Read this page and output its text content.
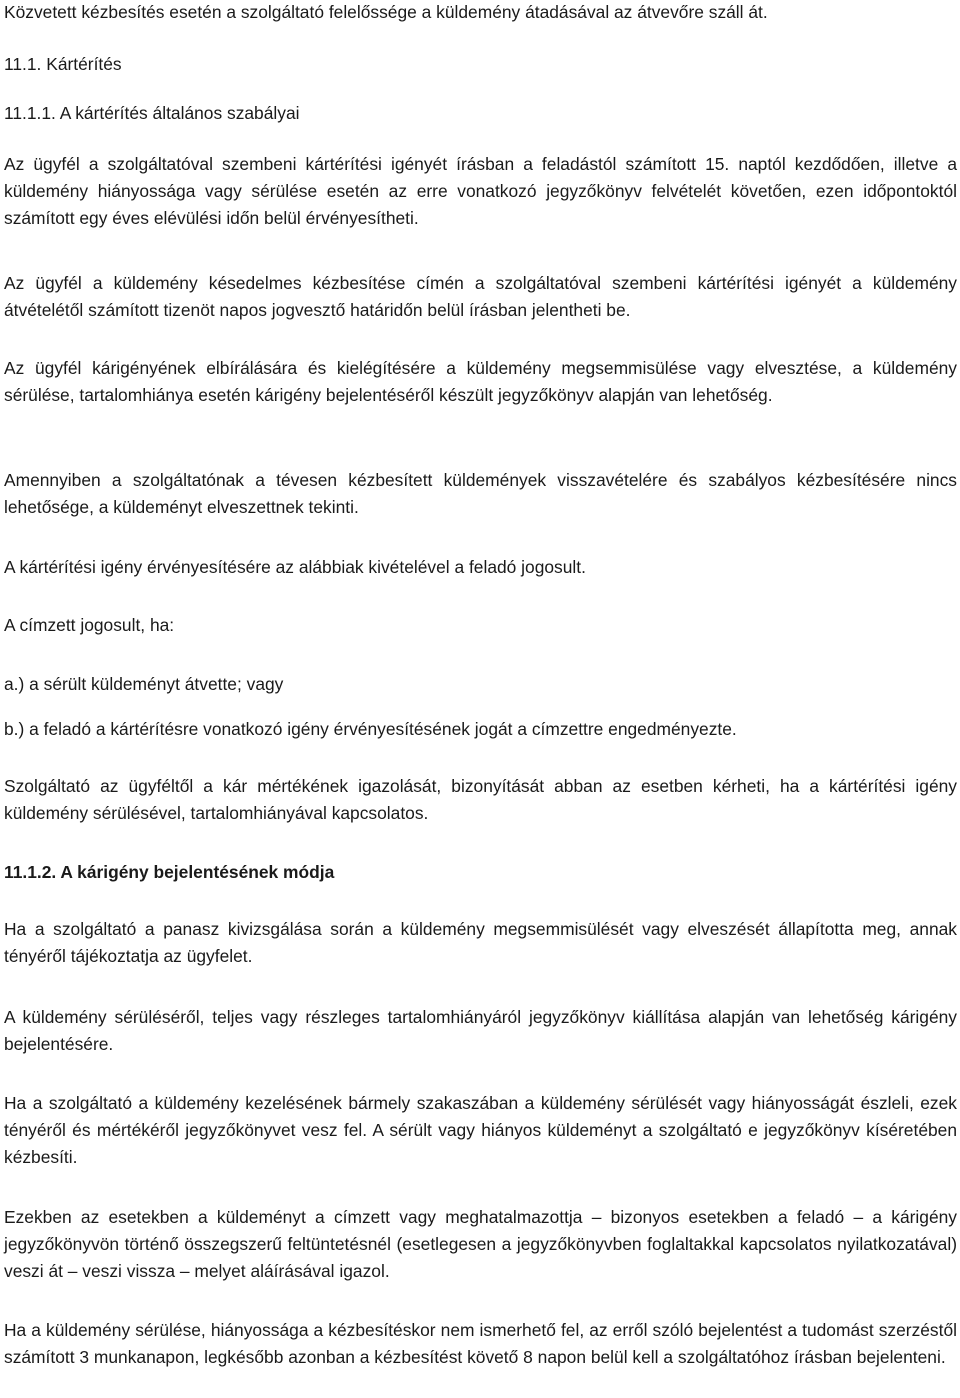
Közvetett kézbesítés esetén a szolgáltató felelőssége a küldemény átadásával az átvevőre száll át.

11.1. Kártérítés
11.1.1. A kártérítés általános szabályai

Az ügyfél a szolgáltatóval szembeni kártérítési igényét írásban a feladástól számított 15. naptól kezdődően, illetve a küldemény hiányossága vagy sérülése esetén az erre vonatkozó jegyzőkönyv felvételét követően, ezen időpontoktól számított egy éves elévülési időn belül érvényesítheti.

Az ügyfél a küldemény késedelmes kézbesítése címén a szolgáltatóval szembeni kártérítési igényét a küldemény átvételétől számított tizenöt napos jogvesztő határidőn belül írásban jelentheti be.

Az ügyfél kárigényének elbírálására és kielégítésére a küldemény megsemmisülése vagy elvesztése, a küldemény sérülése, tartalomhiánya esetén kárigény bejelentéséről készült jegyzőkönyv alapján van lehetőség.

Amennyiben a szolgáltatónak a tévesen kézbesített küldemények visszavételére és szabályos kézbesítésére nincs lehetősége, a küldeményt elveszettnek tekinti.

A kártérítési igény érvényesítésére az alábbiak kivételével a feladó jogosult.

A címzett jogosult, ha:

a.) a sérült küldeményt átvette; vagy

b.) a feladó a kártérítésre vonatkozó igény érvényesítésének jogát a címzettre engedményezte.

Szolgáltató az ügyféltől a kár mértékének igazolását, bizonyítását abban az esetben kérheti, ha a kártérítési igény küldemény sérülésével, tartalomhiányával kapcsolatos.

11.1.2. A kárigény bejelentésének módja

Ha a szolgáltató a panasz kivizsgálása során a küldemény megsemmisülését vagy elveszését állapította meg, annak tényéről tájékoztatja az ügyfelet.

A küldemény sérüléséről, teljes vagy részleges tartalomhiányáról jegyzőkönyv kiállítása alapján van lehetőség kárigény bejelentésére.

Ha a szolgáltató a küldemény kezelésének bármely szakaszában a küldemény sérülését vagy hiányosságát észleli, ezek tényéről és mértékéről jegyzőkönyvet vesz fel. A sérült vagy hiányos küldeményt a szolgáltató e jegyzőkönyv kíséretében kézbesíti.

Ezekben az esetekben a küldeményt a címzett vagy meghatalmazottja – bizonyos esetekben a feladó – a kárigény jegyzőkönyvön történő összegszerű feltüntetésnél (esetlegesen a jegyzőkönyvben foglaltakkal kapcsolatos nyilatkozatával) veszi át – veszi vissza – melyet aláírásával igazol.

Ha a küldemény sérülése, hiányossága a kézbesítéskor nem ismerhető fel, az erről szóló bejelentést a tudomást szerzéstől számított 3 munkanapon, legkésőbb azonban a kézbesítést követő 8 napon belül kell a szolgáltatóhoz írásban bejelenteni.
